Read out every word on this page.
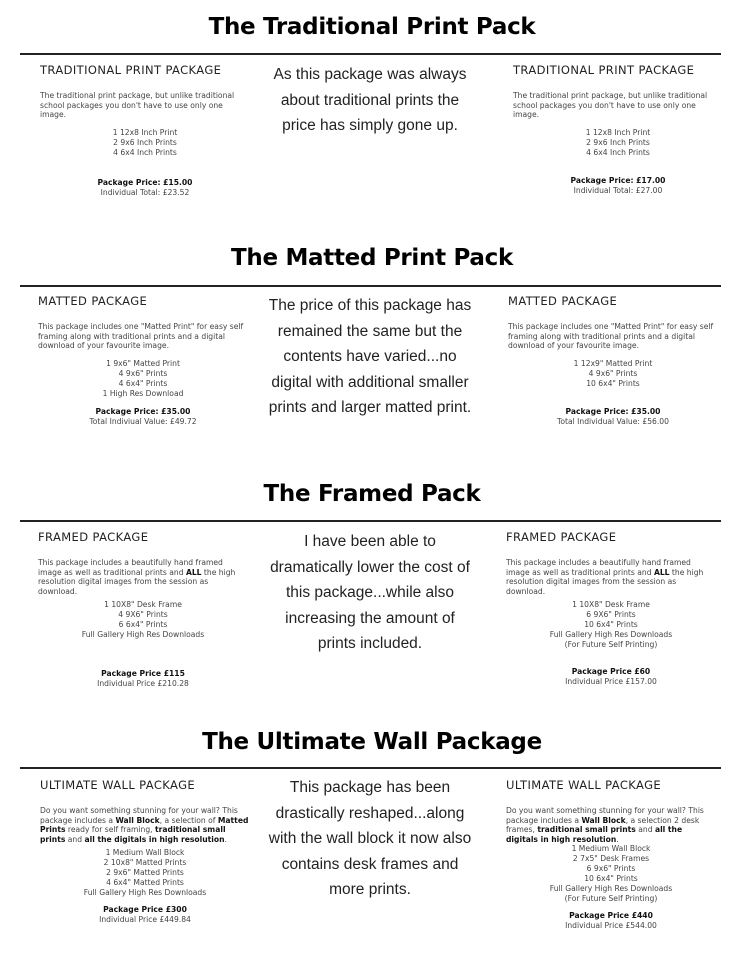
The Traditional Print Pack
TRADITIONAL PRINT PACKAGE
The traditional print package, but unlike traditional school packages you don't have to use only one image.
1 12x8 Inch Print
2 9x6 Inch Prints
4 6x4 Inch Prints
Package Price: £15.00
Individual Total: £23.52
As this package was always about traditional prints the price has simply gone up.
TRADITIONAL PRINT PACKAGE
The traditional print package, but unlike traditional school packages you don't have to use only one image.
1 12x8 Inch Print
2 9x6 Inch Prints
4 6x4 Inch Prints
Package Price: £17.00
Individual Total: £27.00
The Matted Print Pack
MATTED PACKAGE
This package includes one "Matted Print" for easy self framing along with traditional prints and a digital download of your favourite image.
1 9x6" Matted Print
4 9x6" Prints
4 6x4" Prints
1 High Res Download
Package Price: £35.00
Total Indiviual Value: £49.72
The price of this package has remained the same but the contents have varied...no digital with additional smaller prints and larger matted print.
MATTED PACKAGE
This package includes one "Matted Print" for easy self framing along with traditional prints and a digital download of your favourite image.
1 12x9" Matted Print
4 9x6" Prints
10 6x4" Prints
Package Price: £35.00
Total Individual Value: £56.00
The Framed Pack
FRAMED PACKAGE
This package includes a beautifully hand framed image as well as traditional prints and ALL the high resolution digital images from the session as download.
1 10X8" Desk Frame
4 9X6" Prints
6 6x4" Prints
Full Gallery High Res Downloads
Package Price £115
Individual Price £210.28
I have been able to dramatically lower the cost of this package...while also increasing the amount of prints included.
FRAMED PACKAGE
This package includes a beautifully hand framed image as well as traditional prints and ALL the high resolution digital images from the session as download.
1 10X8" Desk Frame
6 9X6" Prints
10 6x4" Prints
Full Gallery High Res Downloads
(For Future Self Printing)
Package Price £60
Individual Price £157.00
The Ultimate Wall Package
ULTIMATE WALL PACKAGE
Do you want something stunning for your wall? This package includes a Wall Block, a selection of Matted Prints ready for self framing, traditional small prints and all the digitals in high resolution.
1 Medium Wall Block
2 10x8" Matted Prints
2 9x6" Matted Prints
4 6x4" Matted Prints
Full Gallery High Res Downloads
Package Price £300
Individual Price £449.84
This package has been drastically reshaped...along with the wall block it now also contains desk frames and more prints.
ULTIMATE WALL PACKAGE
Do you want something stunning for your wall? This package includes a Wall Block, a selection 2 desk frames, traditional small prints and all the digitals in high resolution.
1 Medium Wall Block
2 7x5" Desk Frames
6 9x6" Prints
10 6x4" Prints
Full Gallery High Res Downloads
(For Future Self Printing)
Package Price £440
Individual Price £544.00
